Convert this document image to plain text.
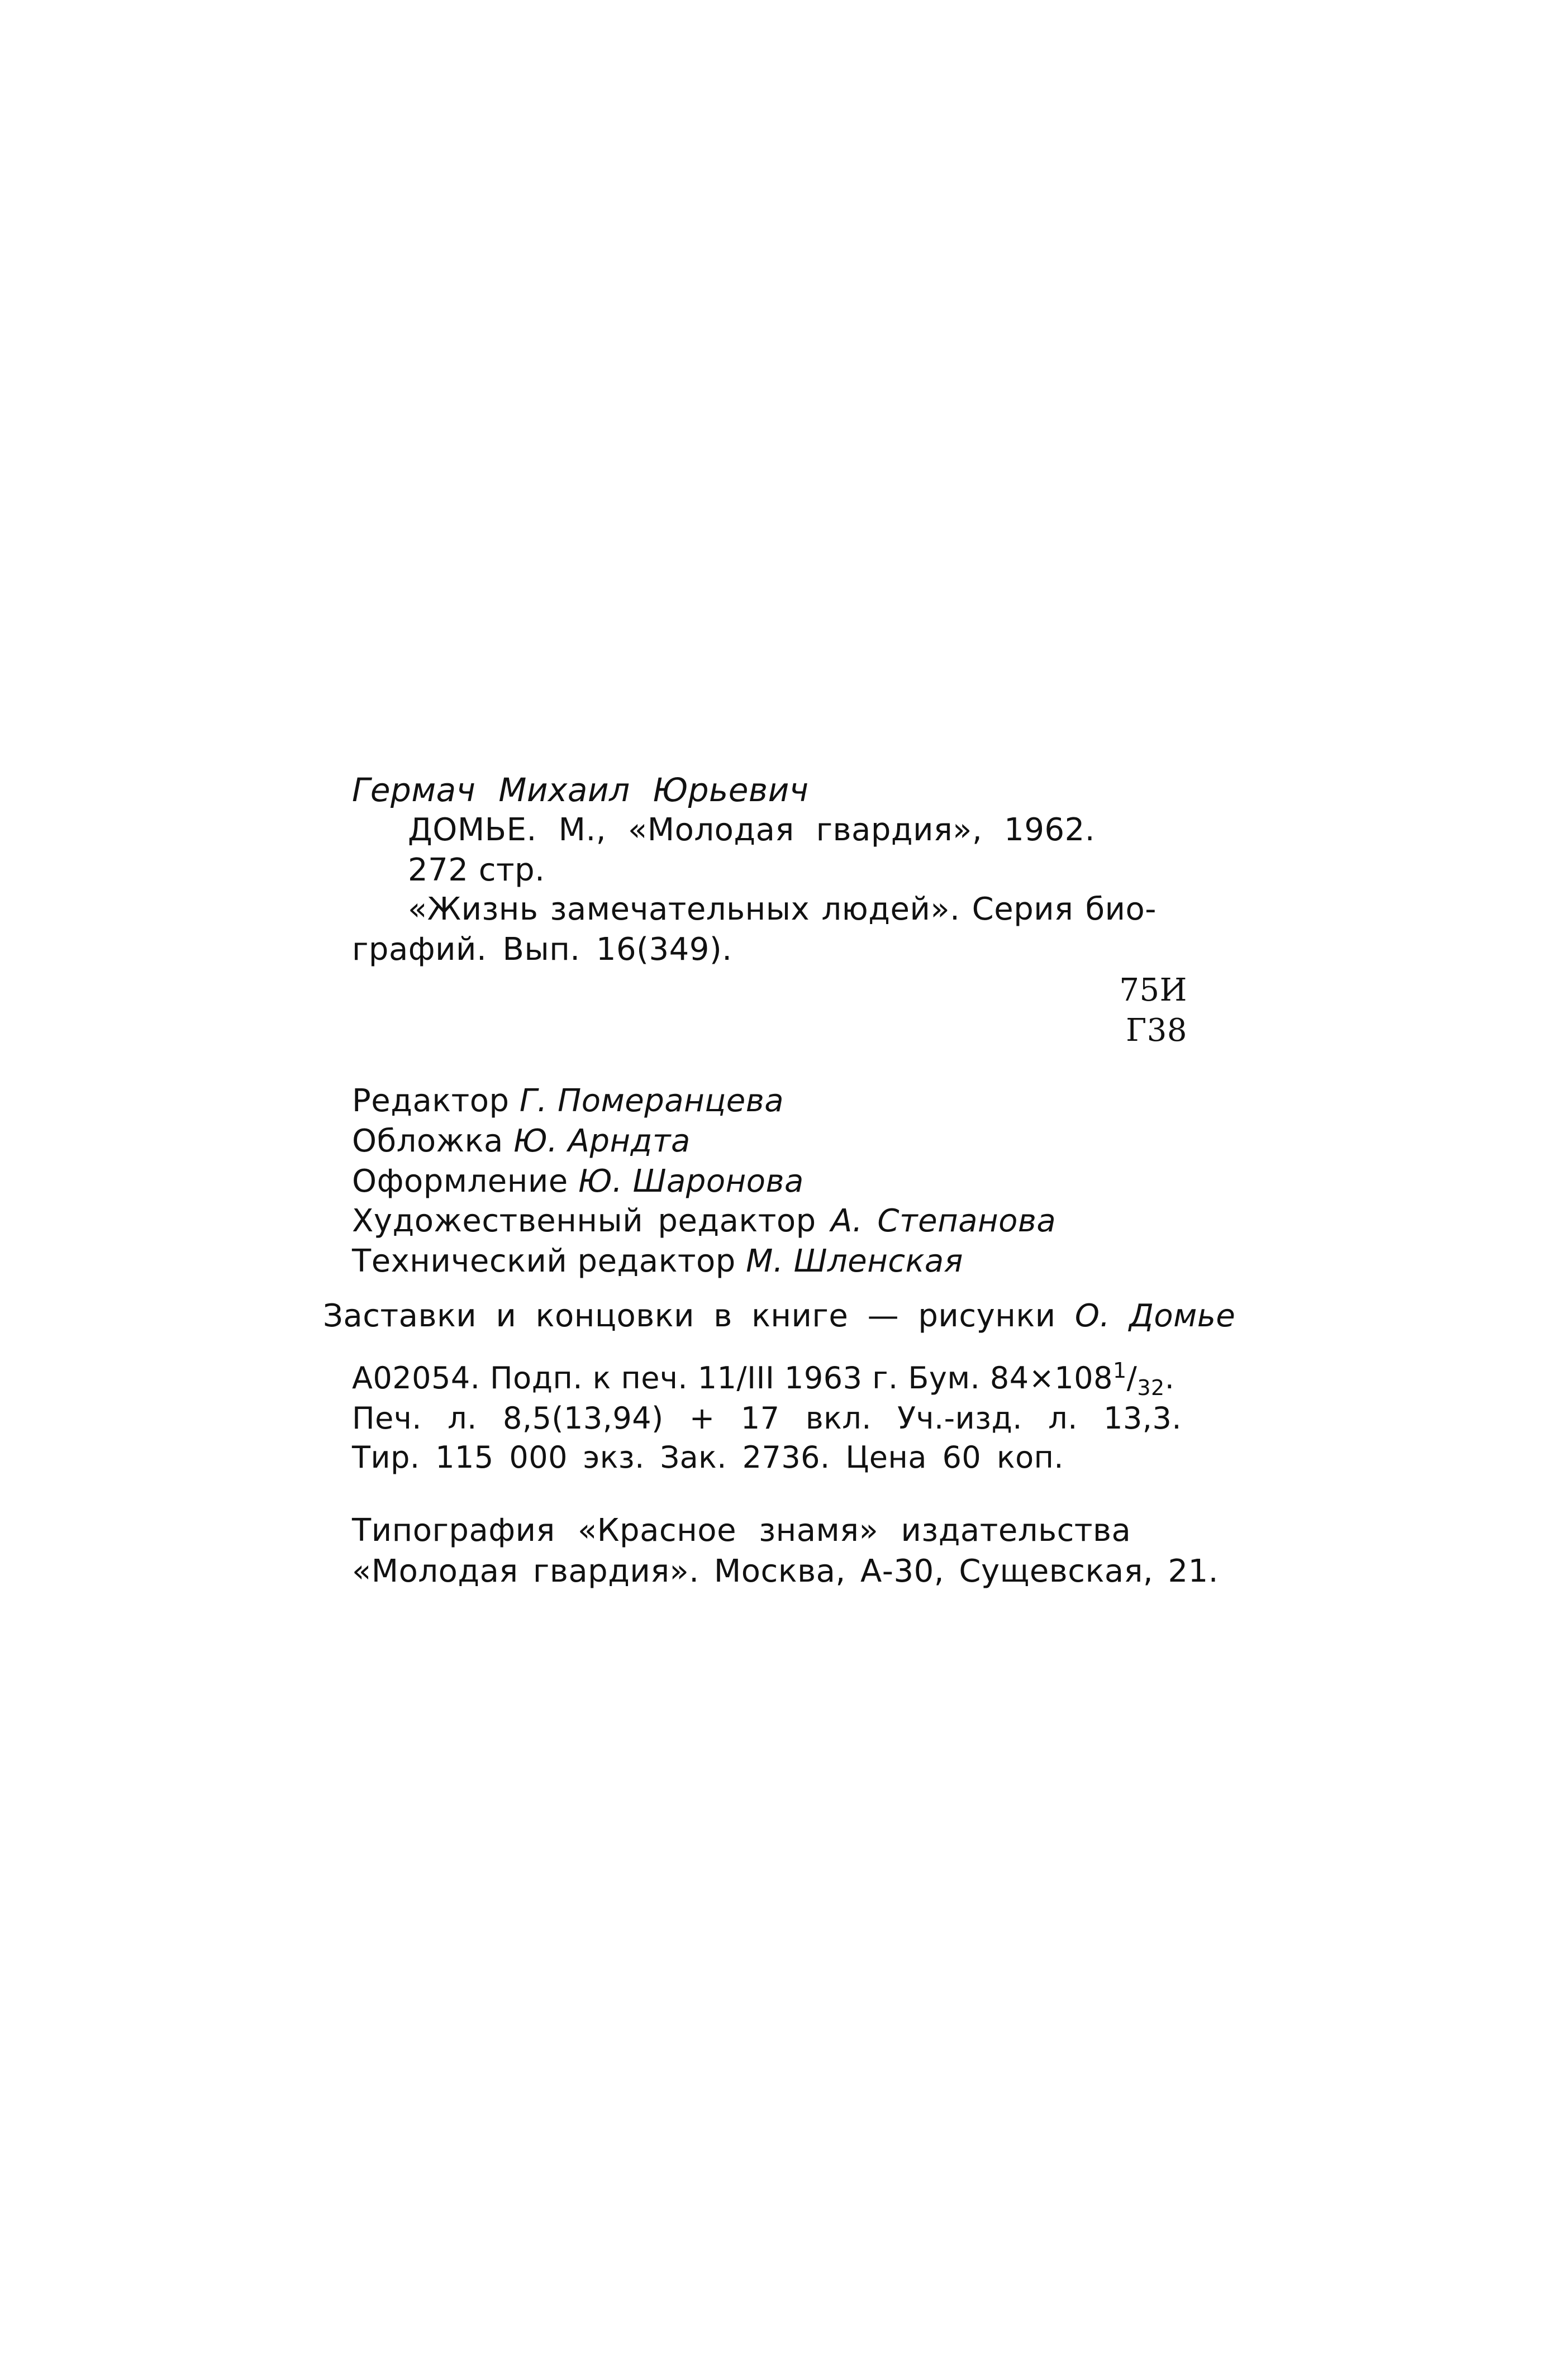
Гермач Михаил Юрьевич
ДОМЬЕ. М., «Молодая гвардия», 1962.
272 стр.
«Жизнь замечательных людей». Серия био-
графий. Вып. 16(349).
75И
Г38
Редактор Г. Померанцева
Обложка Ю. Арндта
Оформление Ю. Шаронова
Художественный редактор А. Степанова
Технический редактор М. Шленская
Заставки и концовки в книге — рисунки О. Домье
А02054. Подп. к печ. 11/III 1963 г. Бум. $84\times 108^1/_{32}$.
Печ. л. 8,5(13,94) + 17 вкл. Уч.-изд. л. 13,3.
Тир. 115 000 экз. Зак. 2736. Цена 60 коп.
Типография «Красное знамя» издательства
«Молодая гвардия». Москва, А-30, Сущевская, 21.
